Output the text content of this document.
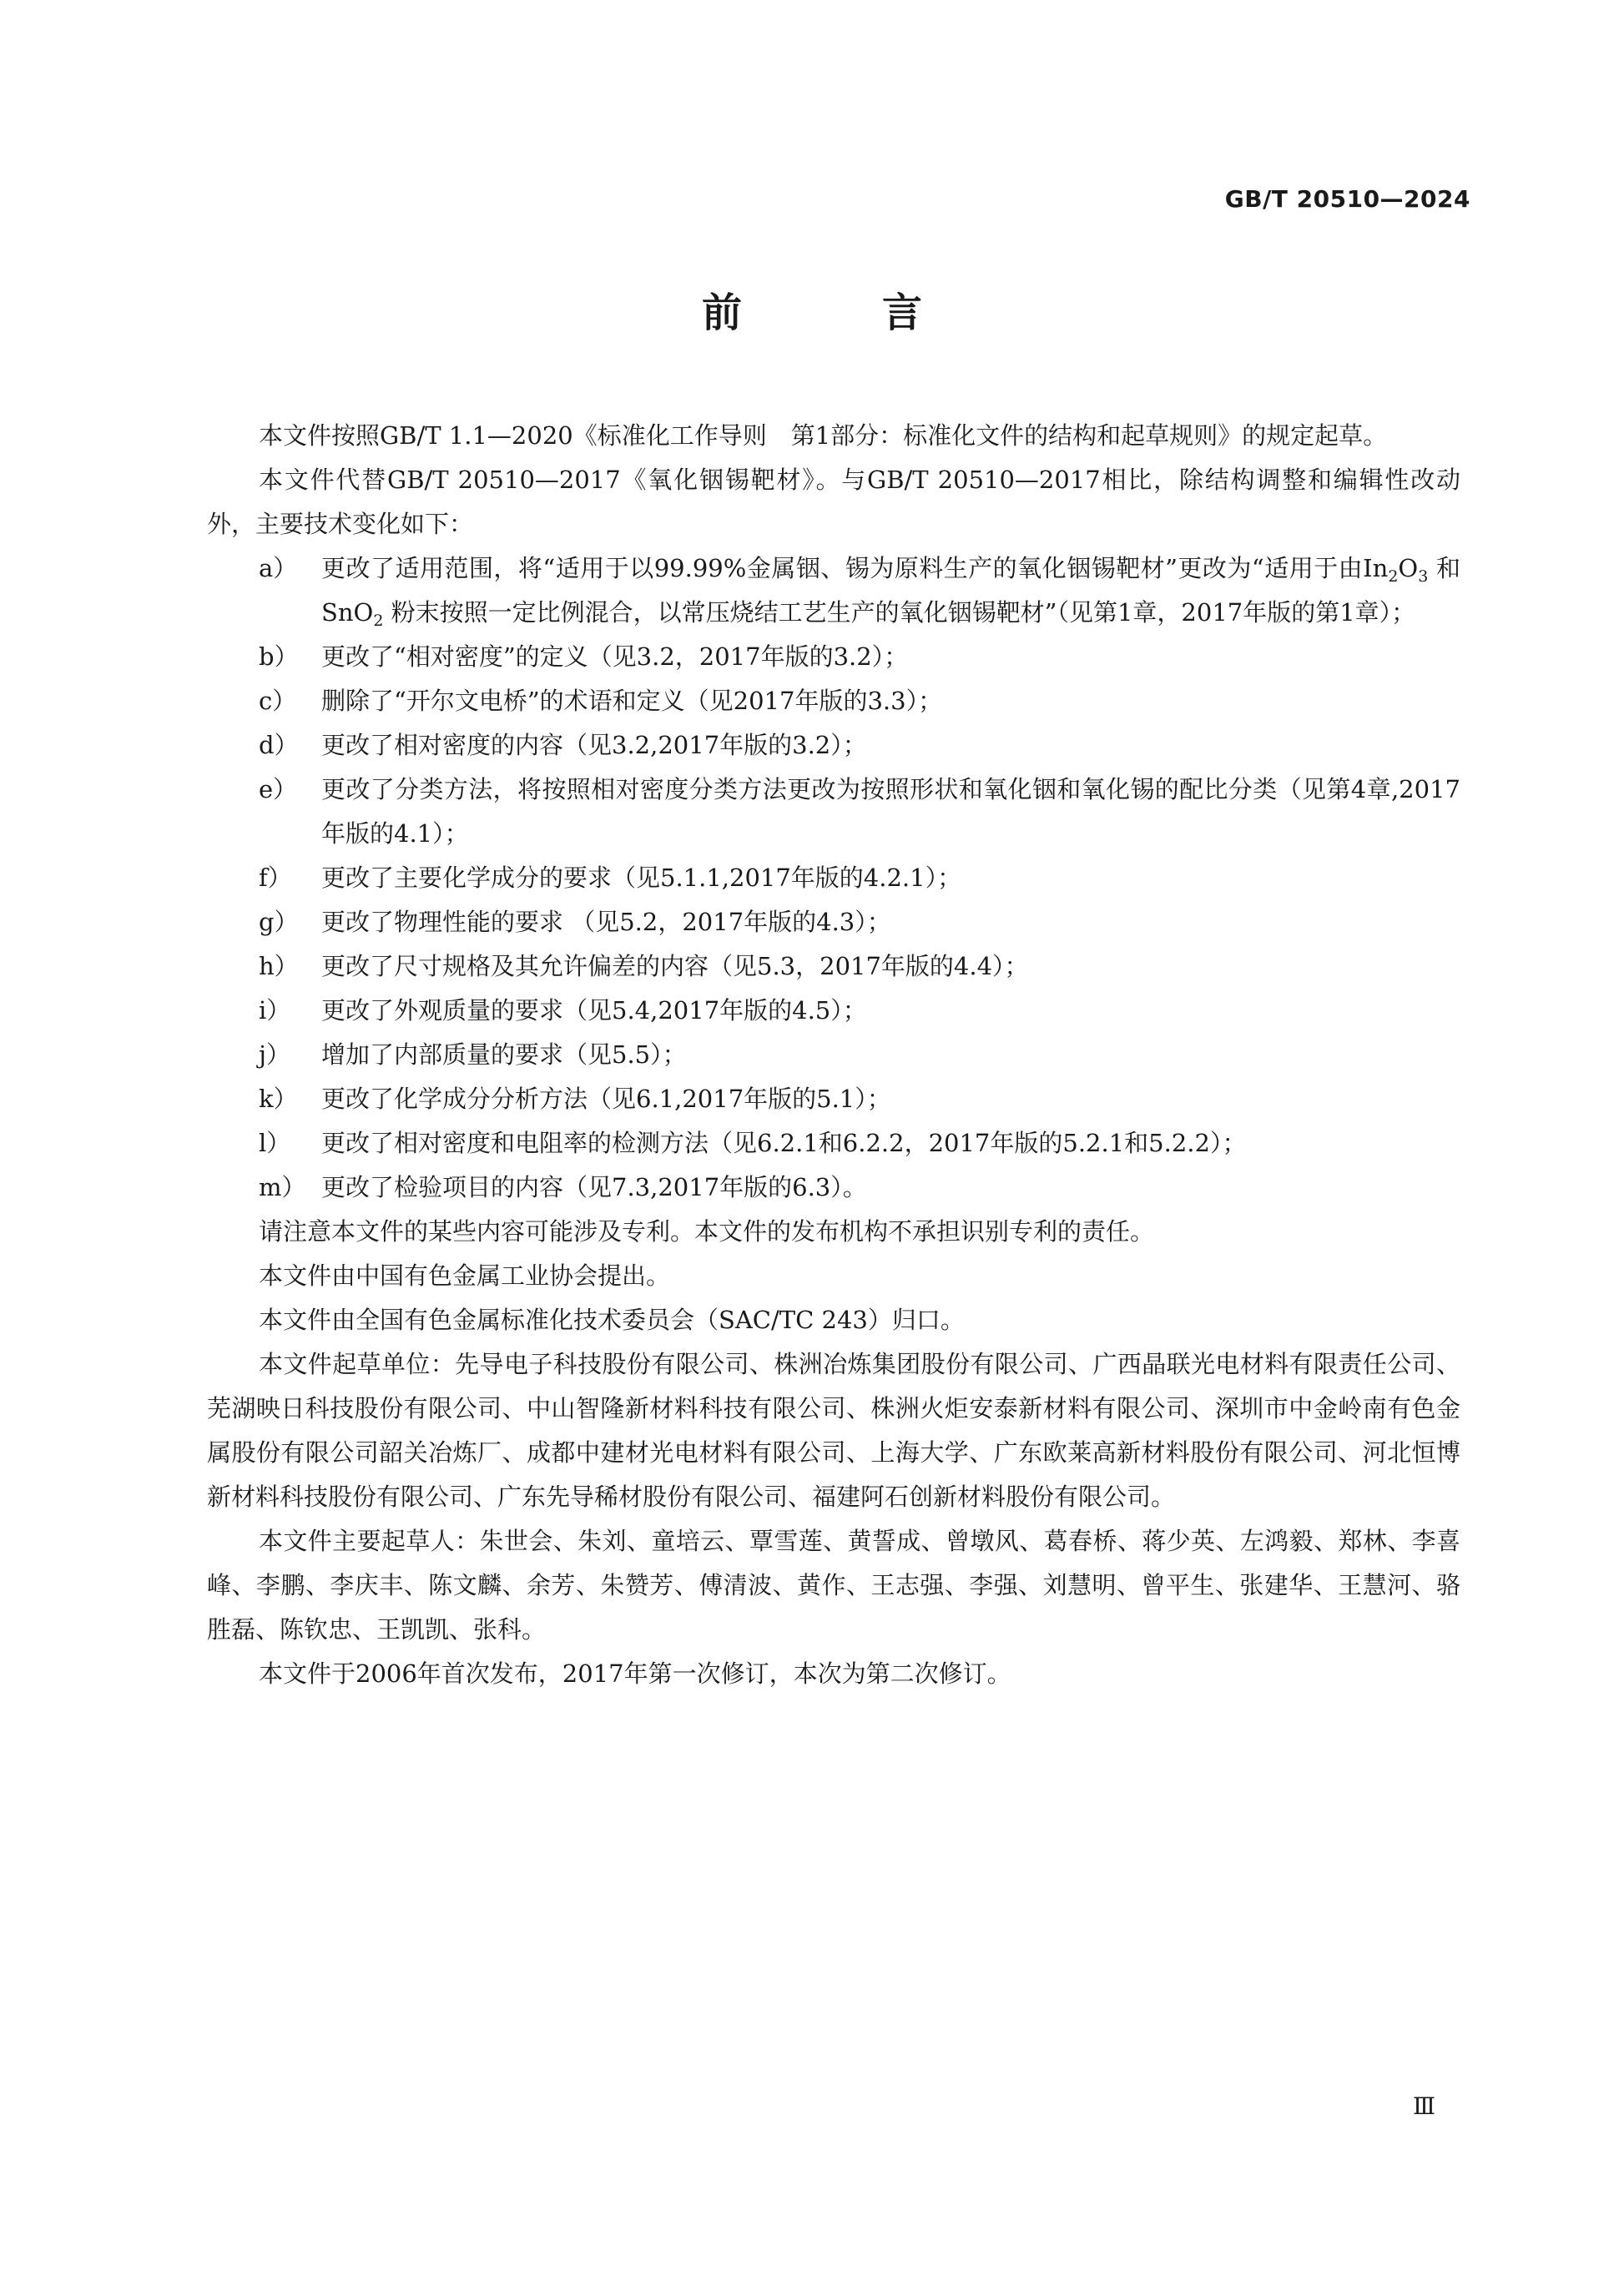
GB/T 20510—2024
前　言

本文件按照GB/T 1.1—2020《标准化工作导则　第1部分：标准化文件的结构和起草规则》的规定起草。

本文件代替GB/T 20510—2017《氧化铟锡靶材》。与GB/T 20510—2017相比，除结构调整和编辑性改动外，主要技术变化如下：

a） 更改了适用范围，将“适用于以99.99%金属铟、锡为原料生产的氧化铟锡靶材”更改为“适用于由$In_2O_3$ 和SnO$_2$ 粉末按照一定比例混合，以常压烧结工艺生产的氧化铟锡靶材”（见第1章，2017年版的第1章）；
b） 更改了“相对密度”的定义（见3.2，2017年版的3.2）；
c）	删除了“开尔文电桥”的术语和定义（见2017年版的3.3）；
d） 更改了相对密度的内容（见3.2,2017年版的3.2）；
e） 更改了分类方法，将按照相对密度分类方法更改为按照形状和氧化铟和氧化锡的配比分类（见第4章,2017年版的4.1）；
f）	更改了主要化学成分的要求（见5.1.1,2017年版的4.2.1）；
g） 更改了物理性能的要求 （见5.2，2017年版的4.3）；
h） 更改了尺寸规格及其允许偏差的内容（见5.3，2017年版的4.4）；
i）	更改了外观质量的要求（见5.4,2017年版的4.5）；
j）	增加了内部质量的要求（见5.5）；
k） 更改了化学成分分析方法（见6.1,2017年版的5.1）；
l）	更改了相对密度和电阻率的检测方法（见6.2.1和6.2.2，2017年版的5.2.1和5.2.2）；
m） 更改了检验项目的内容（见7.3,2017年版的6.3）。

请注意本文件的某些内容可能涉及专利。本文件的发布机构不承担识别专利的责任。

本文件由中国有色金属工业协会提出。

本文件由全国有色金属标准化技术委员会（SAC/TC 243）归口。

本文件起草单位：先导电子科技股份有限公司、株洲冶炼集团股份有限公司、广西晶联光电材料有限责任公司、芜湖映日科技股份有限公司、中山智隆新材料科技有限公司、株洲火炬安泰新材料有限公司、深圳市中金岭南有色金属股份有限公司韶关冶炼厂、成都中建材光电材料有限公司、上海大学、广东欧莱高新材料股份有限公司、河北恒博新材料科技股份有限公司、广东先导稀材股份有限公司、福建阿石创新材料股份有限公司。

本文件主要起草人：朱世会、朱刘、童培云、覃雪莲、黄誓成、曾墩风、葛春桥、蒋少英、左鸿毅、郑林、李喜峰、李鹏、李庆丰、陈文麟、余芳、朱赞芳、傅清波、黄作、王志强、李强、刘慧明、曾平生、张建华、王慧河、骆胜磊、陈钦忠、王凯凯、张科。

本文件于2006年首次发布，2017年第一次修订，本次为第二次修订。

Ⅲ
